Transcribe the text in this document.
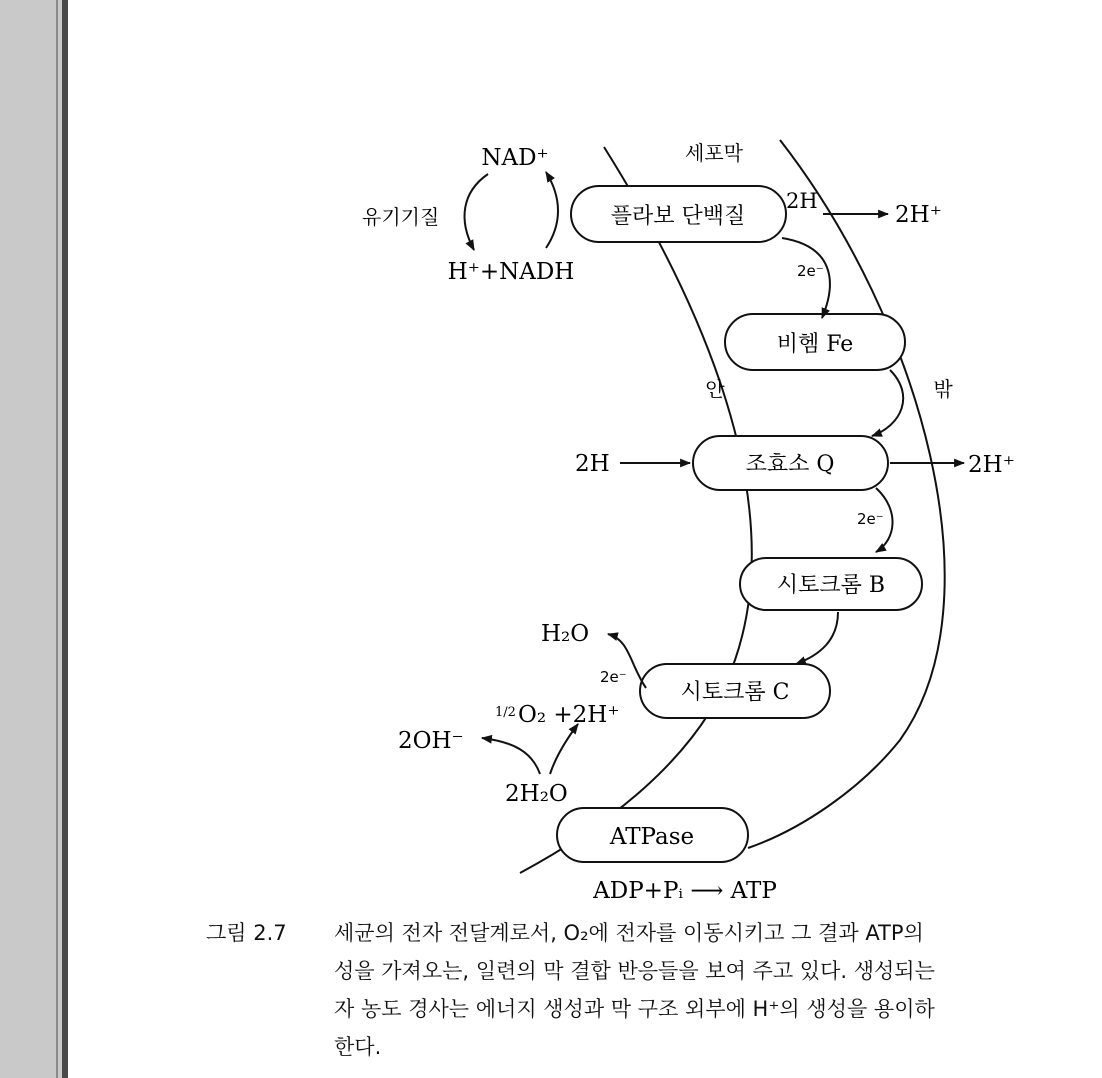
플라보 단백질
비헴 Fe
조효소 Q
시토크롬 B
시토크롬 C
ATPase
세포막
안	밖
NAD⁺
유기기질
H⁺+NADH
2H
2H⁺
2e⁻
2e⁻
2H	2H⁺
H₂O
2e⁻
1/2 O₂ +2H⁺
2OH⁻
2H₂O
ADP+Pᵢ ⟶ ATP
그림 2.7 세균의 전자 전달계로서, O₂에 전자를 이동시키고 그 결과 ATP의
성을 가져오는, 일련의 막 결합 반응들을 보여 주고 있다. 생성되는
자 농도 경사는 에너지 생성과 막 구조 외부에 H⁺의 생성을 용이하
한다.
